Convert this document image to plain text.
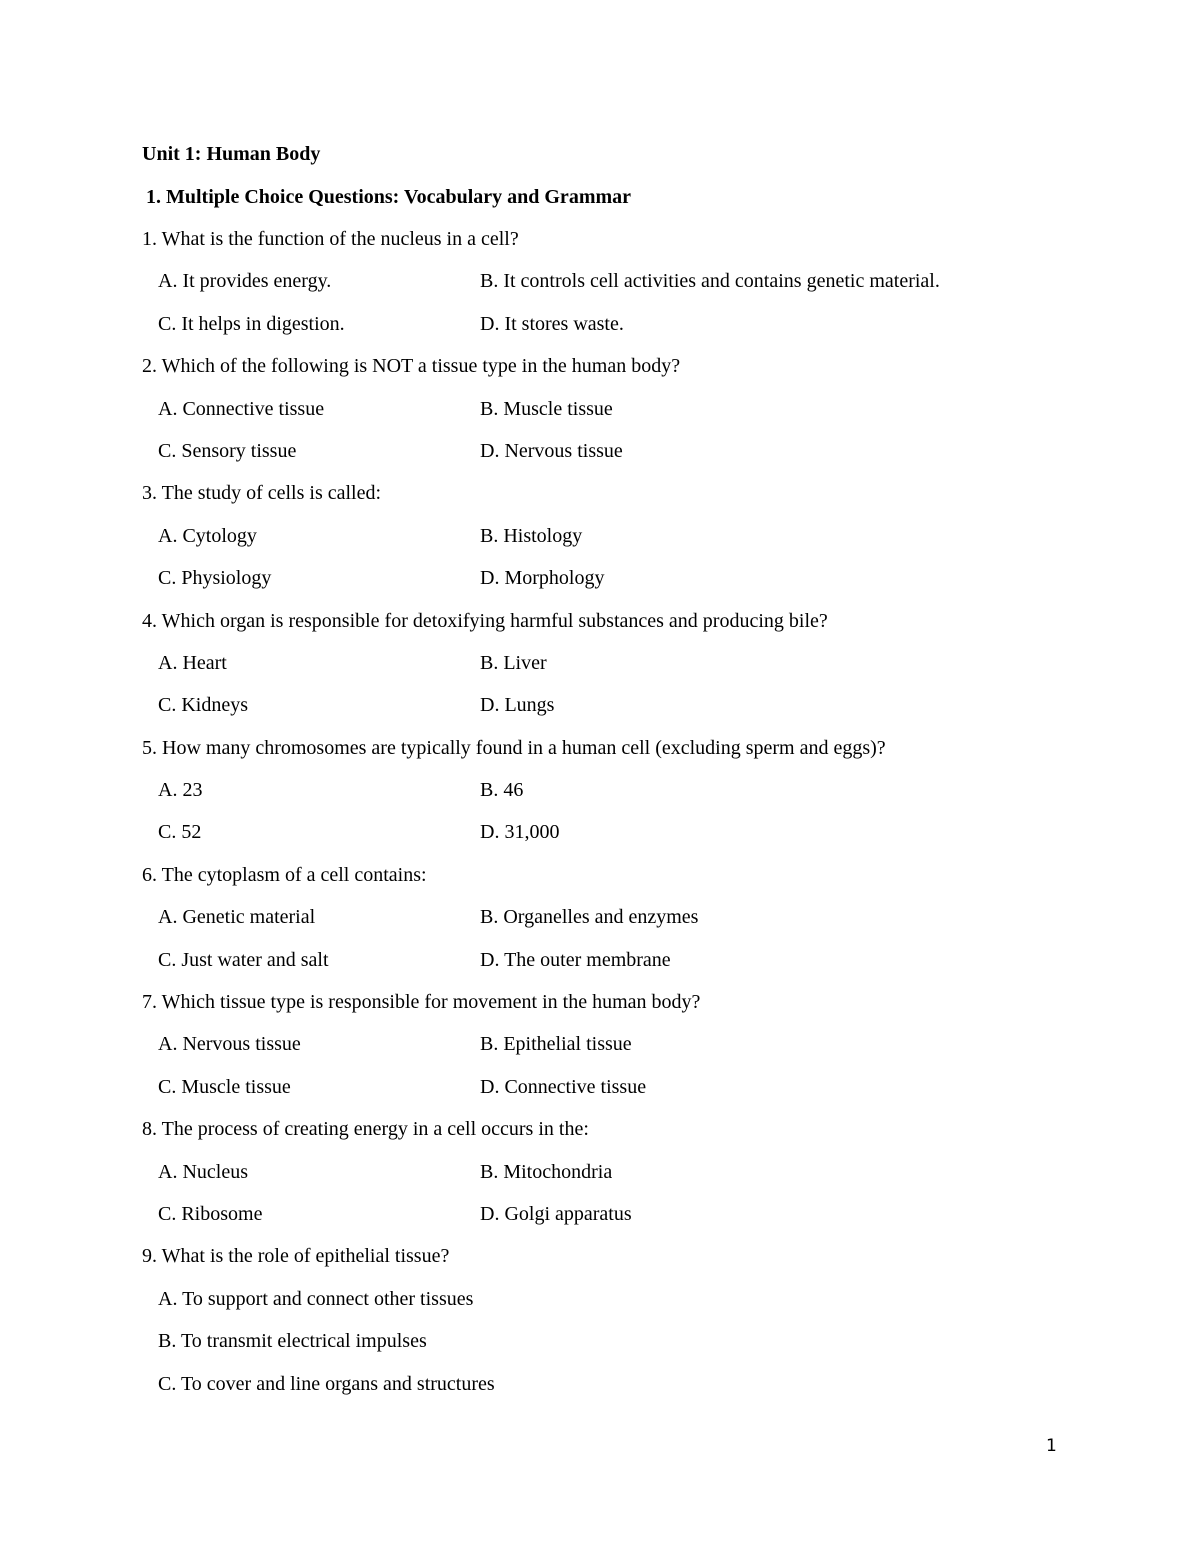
Unit 1: Human Body
1. Multiple Choice Questions: Vocabulary and Grammar
1. What is the function of the nucleus in a cell?
A. It provides energy.	B. It controls cell activities and contains genetic material.
C. It helps in digestion.	D. It stores waste.
2. Which of the following is NOT a tissue type in the human body?
A. Connective tissue	B. Muscle tissue
C. Sensory tissue	D. Nervous tissue
3. The study of cells is called:
A. Cytology	B. Histology
C. Physiology	D. Morphology
4. Which organ is responsible for detoxifying harmful substances and producing bile?
A. Heart	B. Liver
C. Kidneys	D. Lungs
5. How many chromosomes are typically found in a human cell (excluding sperm and eggs)?
A. 23	B. 46
C. 52	D. 31,000
6. The cytoplasm of a cell contains:
A. Genetic material	B. Organelles and enzymes
C. Just water and salt	D. The outer membrane
7. Which tissue type is responsible for movement in the human body?
A. Nervous tissue	B. Epithelial tissue
C. Muscle tissue	D. Connective tissue
8. The process of creating energy in a cell occurs in the:
A. Nucleus	B. Mitochondria
C. Ribosome	D. Golgi apparatus
9. What is the role of epithelial tissue?
A. To support and connect other tissues
B. To transmit electrical impulses
C. To cover and line organs and structures
1
